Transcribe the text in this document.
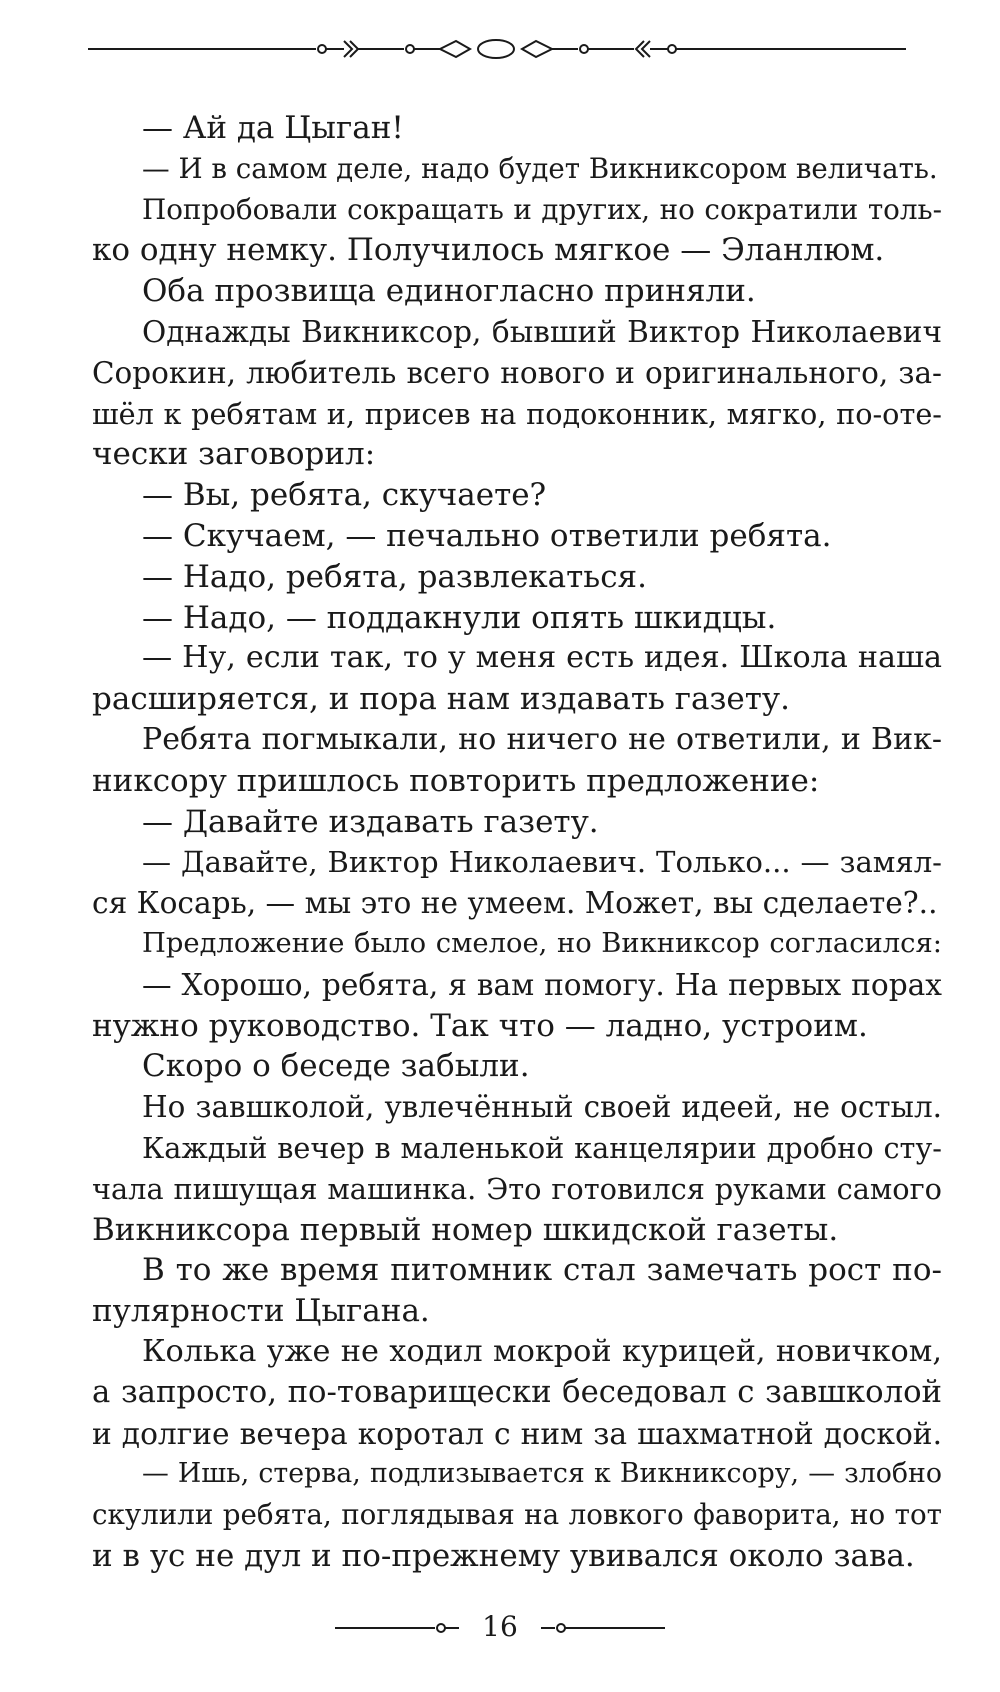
— Ай да Цыган!
— И в самом деле, надо будет Викниксором величать.
Попробовали сокращать и других, но сократили толь-
ко одну немку. Получилось мягкое — Эланлюм.
Оба прозвища единогласно приняли.
Однажды Викниксор, бывший Виктор Николаевич
Сорокин, любитель всего нового и оригинального, за-
шёл к ребятам и, присев на подоконник, мягко, по-оте-
чески заговорил:
— Вы, ребята, скучаете?
— Скучаем, — печально ответили ребята.
— Надо, ребята, развлекаться.
— Надо, — поддакнули опять шкидцы.
— Ну, если так, то у меня есть идея. Школа наша
расширяется, и пора нам издавать газету.
Ребята погмыкали, но ничего не ответили, и Вик-
никсору пришлось повторить предложение:
— Давайте издавать газету.
— Давайте, Виктор Николаевич. Только... — замял-
ся Косарь, — мы это не умеем. Может, вы сделаете?..
Предложение было смелое, но Викниксор согласился:
— Хорошо, ребята, я вам помогу. На первых порах
нужно руководство. Так что — ладно, устроим.
Скоро о беседе забыли.
Но завшколой, увлечённый своей идеей, не остыл.
Каждый вечер в маленькой канцелярии дробно сту-
чала пишущая машинка. Это готовился руками самого
Викниксора первый номер шкидской газеты.
В то же время питомник стал замечать рост по-
пулярности Цыгана.
Колька уже не ходил мокрой курицей, новичком,
а запросто, по-товарищески беседовал с завшколой
и долгие вечера коротал с ним за шахматной доской.
— Ишь, стерва, подлизывается к Викниксору, — злобно
скулили ребята, поглядывая на ловкого фаворита, но тот
и в ус не дул и по-прежнему увивался около зава.
16
